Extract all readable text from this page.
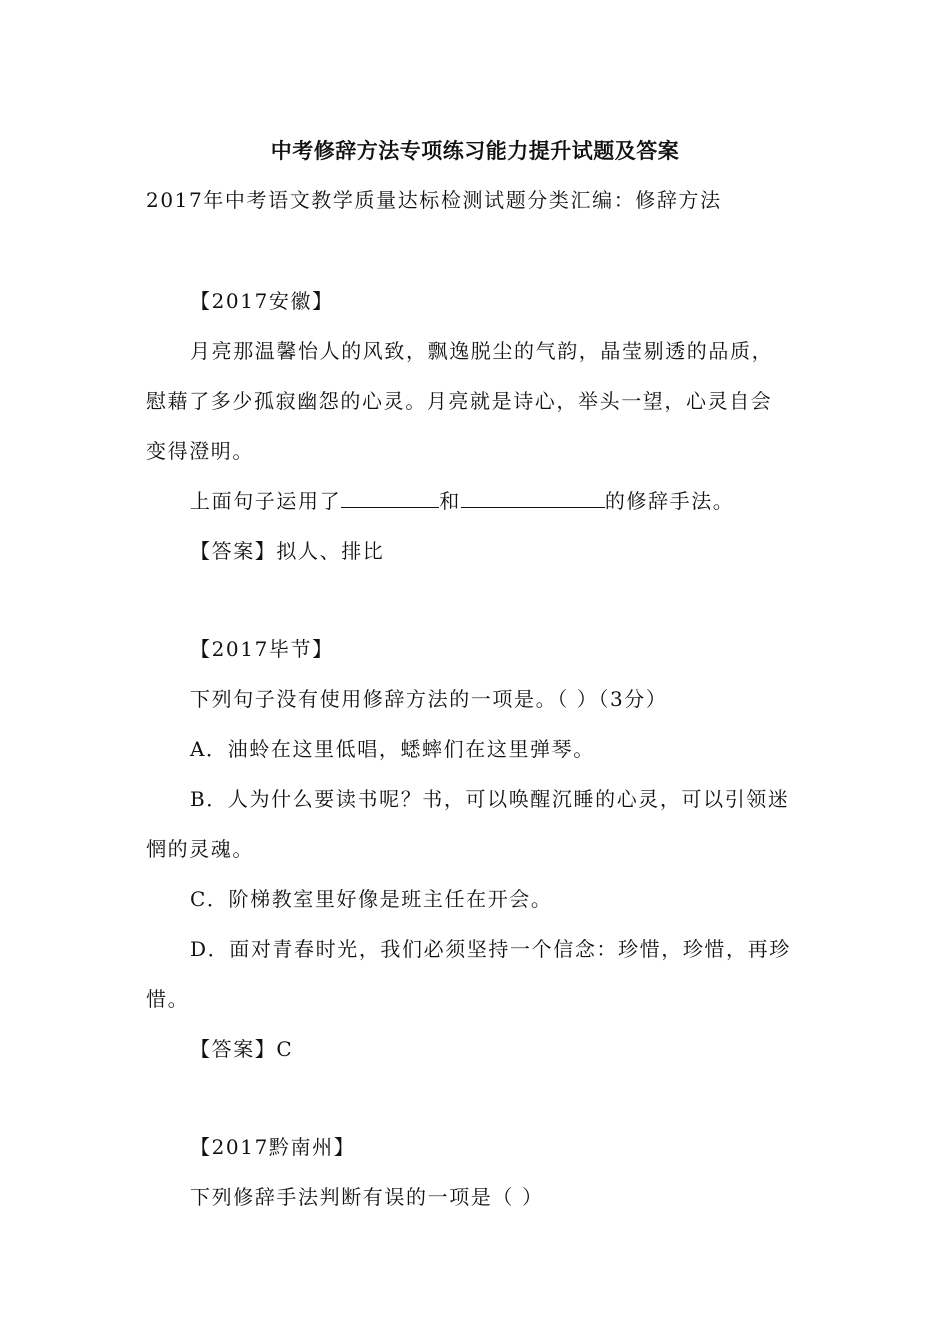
中考修辞方法专项练习能力提升试题及答案
2017年中考语文教学质量达标检测试题分类汇编：修辞方法
【2017安徽】
月亮那温馨怡人的风致，飘逸脱尘的气韵，晶莹剔透的品质，
慰藉了多少孤寂幽怨的心灵。月亮就是诗心，举头一望，心灵自会
变得澄明。
上面句子运用了	和	的修辞手法。
【答案】拟人、排比
【2017毕节】
下列句子没有使用修辞方法的一项是。（ ）（3分）
A．油蛉在这里低唱，蟋蟀们在这里弹琴。
B．人为什么要读书呢？书，可以唤醒沉睡的心灵，可以引领迷
惘的灵魂。
C．阶梯教室里好像是班主任在开会。
D．面对青春时光，我们必须坚持一个信念：珍惜，珍惜，再珍
惜。
【答案】C
【2017黔南州】
下列修辞手法判断有误的一项是（ ）
